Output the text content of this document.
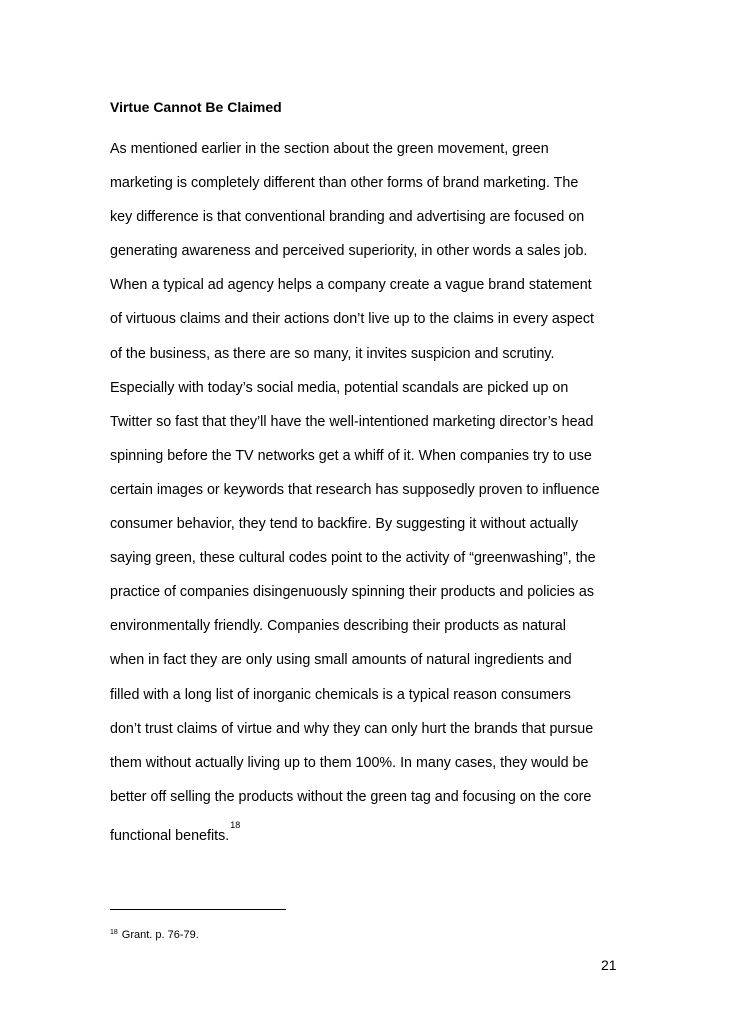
Virtue Cannot Be Claimed
As mentioned earlier in the section about the green movement, green
marketing is completely different than other forms of brand marketing. The
key difference is that conventional branding and advertising are focused on
generating awareness and perceived superiority, in other words a sales job.
When a typical ad agency helps a company create a vague brand statement
of virtuous claims and their actions don’t live up to the claims in every aspect
of the business, as there are so many, it invites suspicion and scrutiny.
Especially with today’s social media, potential scandals are picked up on
Twitter so fast that they’ll have the well-intentioned marketing director’s head
spinning before the TV networks get a whiff of it. When companies try to use
certain images or keywords that research has supposedly proven to influence
consumer behavior, they tend to backfire. By suggesting it without actually
saying green, these cultural codes point to the activity of “greenwashing”, the
practice of companies disingenuously spinning their products and policies as
environmentally friendly. Companies describing their products as natural
when in fact they are only using small amounts of natural ingredients and
filled with a long list of inorganic chemicals is a typical reason consumers
don’t trust claims of virtue and why they can only hurt the brands that pursue
them without actually living up to them 100%. In many cases, they would be
better off selling the products without the green tag and focusing on the core
functional benefits.$^{18}$
$^{18}$ Grant. p. 76-79.
21
